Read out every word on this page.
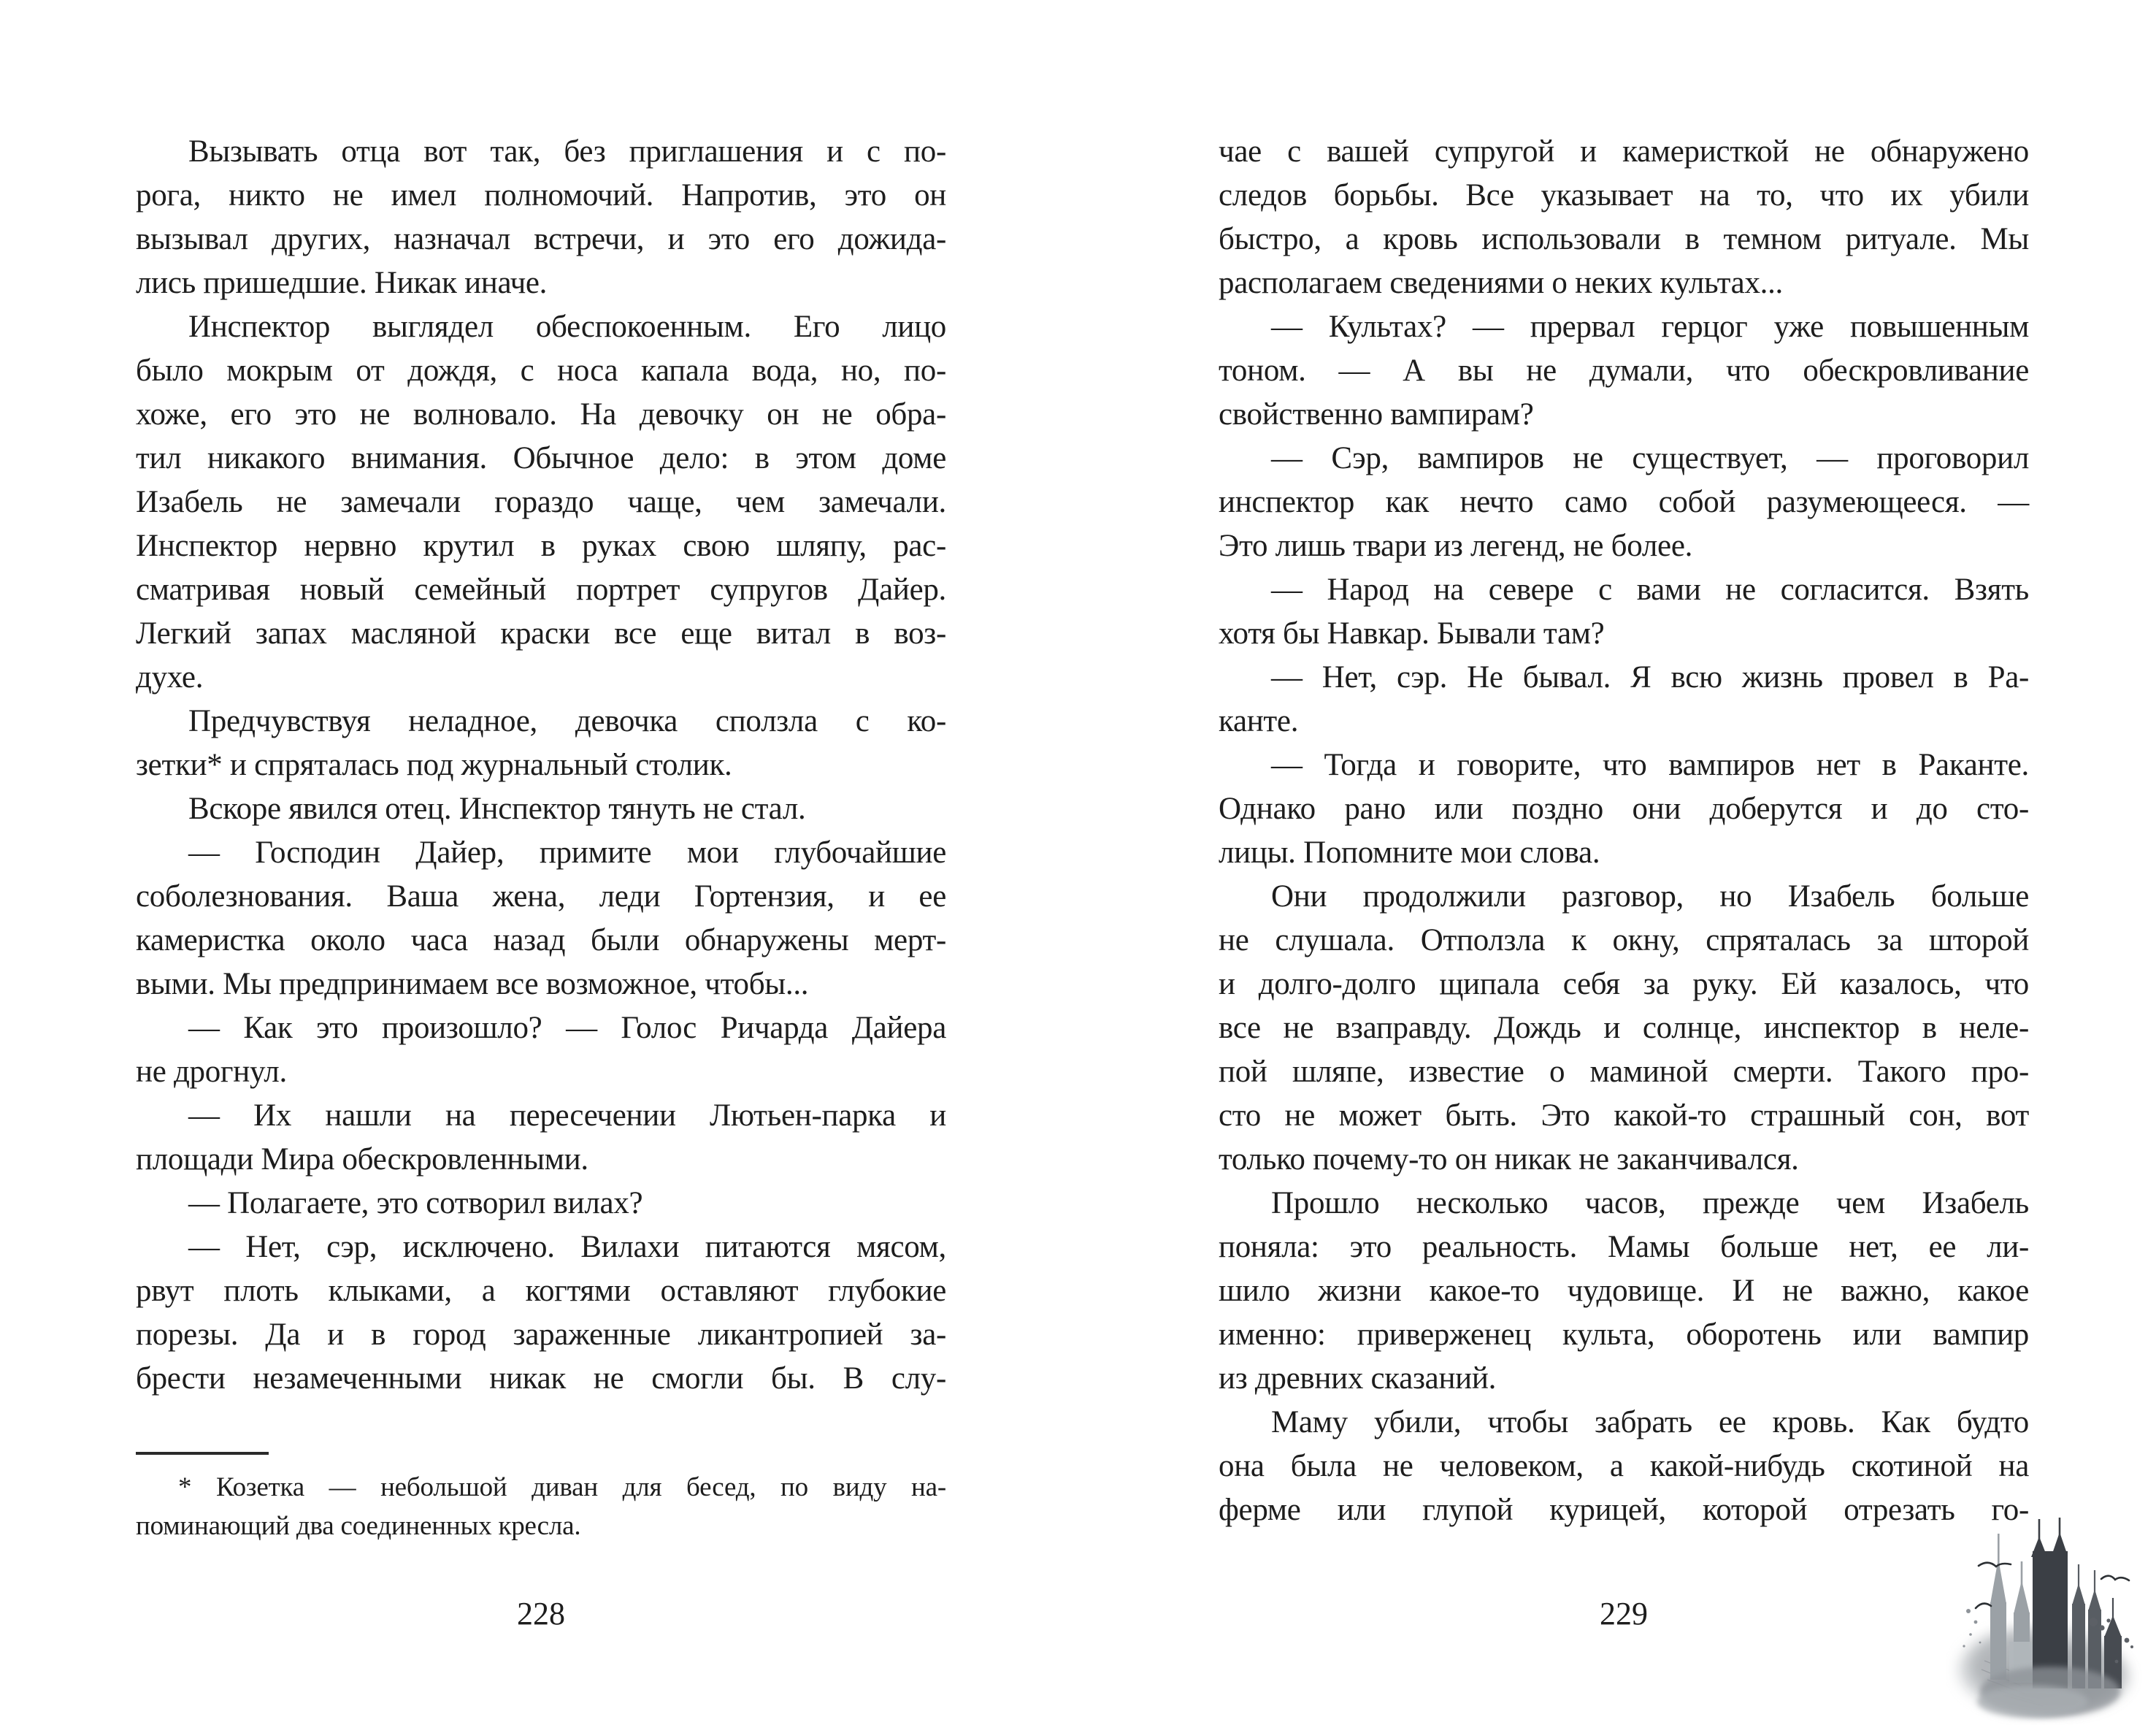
Вызывать отца вот так, без приглашения и с по-
рога, никто не имел полномочий. Напротив, это он
вызывал других, назначал встречи, и это его дожида-
лись пришедшие. Никак иначе.
Инспектор выглядел обеспокоенным. Его лицо
было мокрым от дождя, с носа капала вода, но, по-
хоже, его это не волновало. На девочку он не обра-
тил никакого внимания. Обычное дело: в этом доме
Изабель не замечали гораздо чаще, чем замечали.
Инспектор нервно крутил в руках свою шляпу, рас-
сматривая новый семейный портрет супругов Дайер.
Легкий запах масляной краски все еще витал в воз-
духе.
Предчувствуя неладное, девочка сползла с ко-
зетки* и спряталась под журнальный столик.
Вскоре явился отец. Инспектор тянуть не стал.
— Господин Дайер, примите мои глубочайшие
соболезнования. Ваша жена, леди Гортензия, и ее
камеристка около часа назад были обнаружены мерт-
выми. Мы предпринимаем все возможное, чтобы...
— Как это произошло? — Голос Ричарда Дайера
не дрогнул.
— Их нашли на пересечении Лютьен-парка и
площади Мира обескровленными.
— Полагаете, это сотворил вилах?
— Нет, сэр, исключено. Вилахи питаются мясом,
рвут плоть клыками, а когтями оставляют глубокие
порезы. Да и в город зараженные ликантропией за-
брести незамеченными никак не смогли бы. В слу-
* Козетка — небольшой диван для бесед, по виду на-
поминающий два соединенных кресла.
228
чае с вашей супругой и камеристкой не обнаружено
следов борьбы. Все указывает на то, что их убили
быстро, а кровь использовали в темном ритуале. Мы
располагаем сведениями о неких культах...
— Культах? — прервал герцог уже повышенным
тоном. — А вы не думали, что обескровливание
свойственно вампирам?
— Сэр, вампиров не существует, — проговорил
инспектор как нечто само собой разумеющееся. —
Это лишь твари из легенд, не более.
— Народ на севере с вами не согласится. Взять
хотя бы Навкар. Бывали там?
— Нет, сэр. Не бывал. Я всю жизнь провел в Ра-
канте.
— Тогда и говорите, что вампиров нет в Раканте.
Однако рано или поздно они доберутся и до сто-
лицы. Попомните мои слова.
Они продолжили разговор, но Изабель больше
не слушала. Отползла к окну, спряталась за шторой
и долго-долго щипала себя за руку. Ей казалось, что
все не взаправду. Дождь и солнце, инспектор в неле-
пой шляпе, известие о маминой смерти. Такого про-
сто не может быть. Это какой-то страшный сон, вот
только почему-то он никак не заканчивался.
Прошло несколько часов, прежде чем Изабель
поняла: это реальность. Мамы больше нет, ее ли-
шило жизни какое-то чудовище. И не важно, какое
именно: приверженец культа, оборотень или вампир
из древних сказаний.
Маму убили, чтобы забрать ее кровь. Как будто
она была не человеком, а какой-нибудь скотиной на
ферме или глупой курицей, которой отрезать го-
229
